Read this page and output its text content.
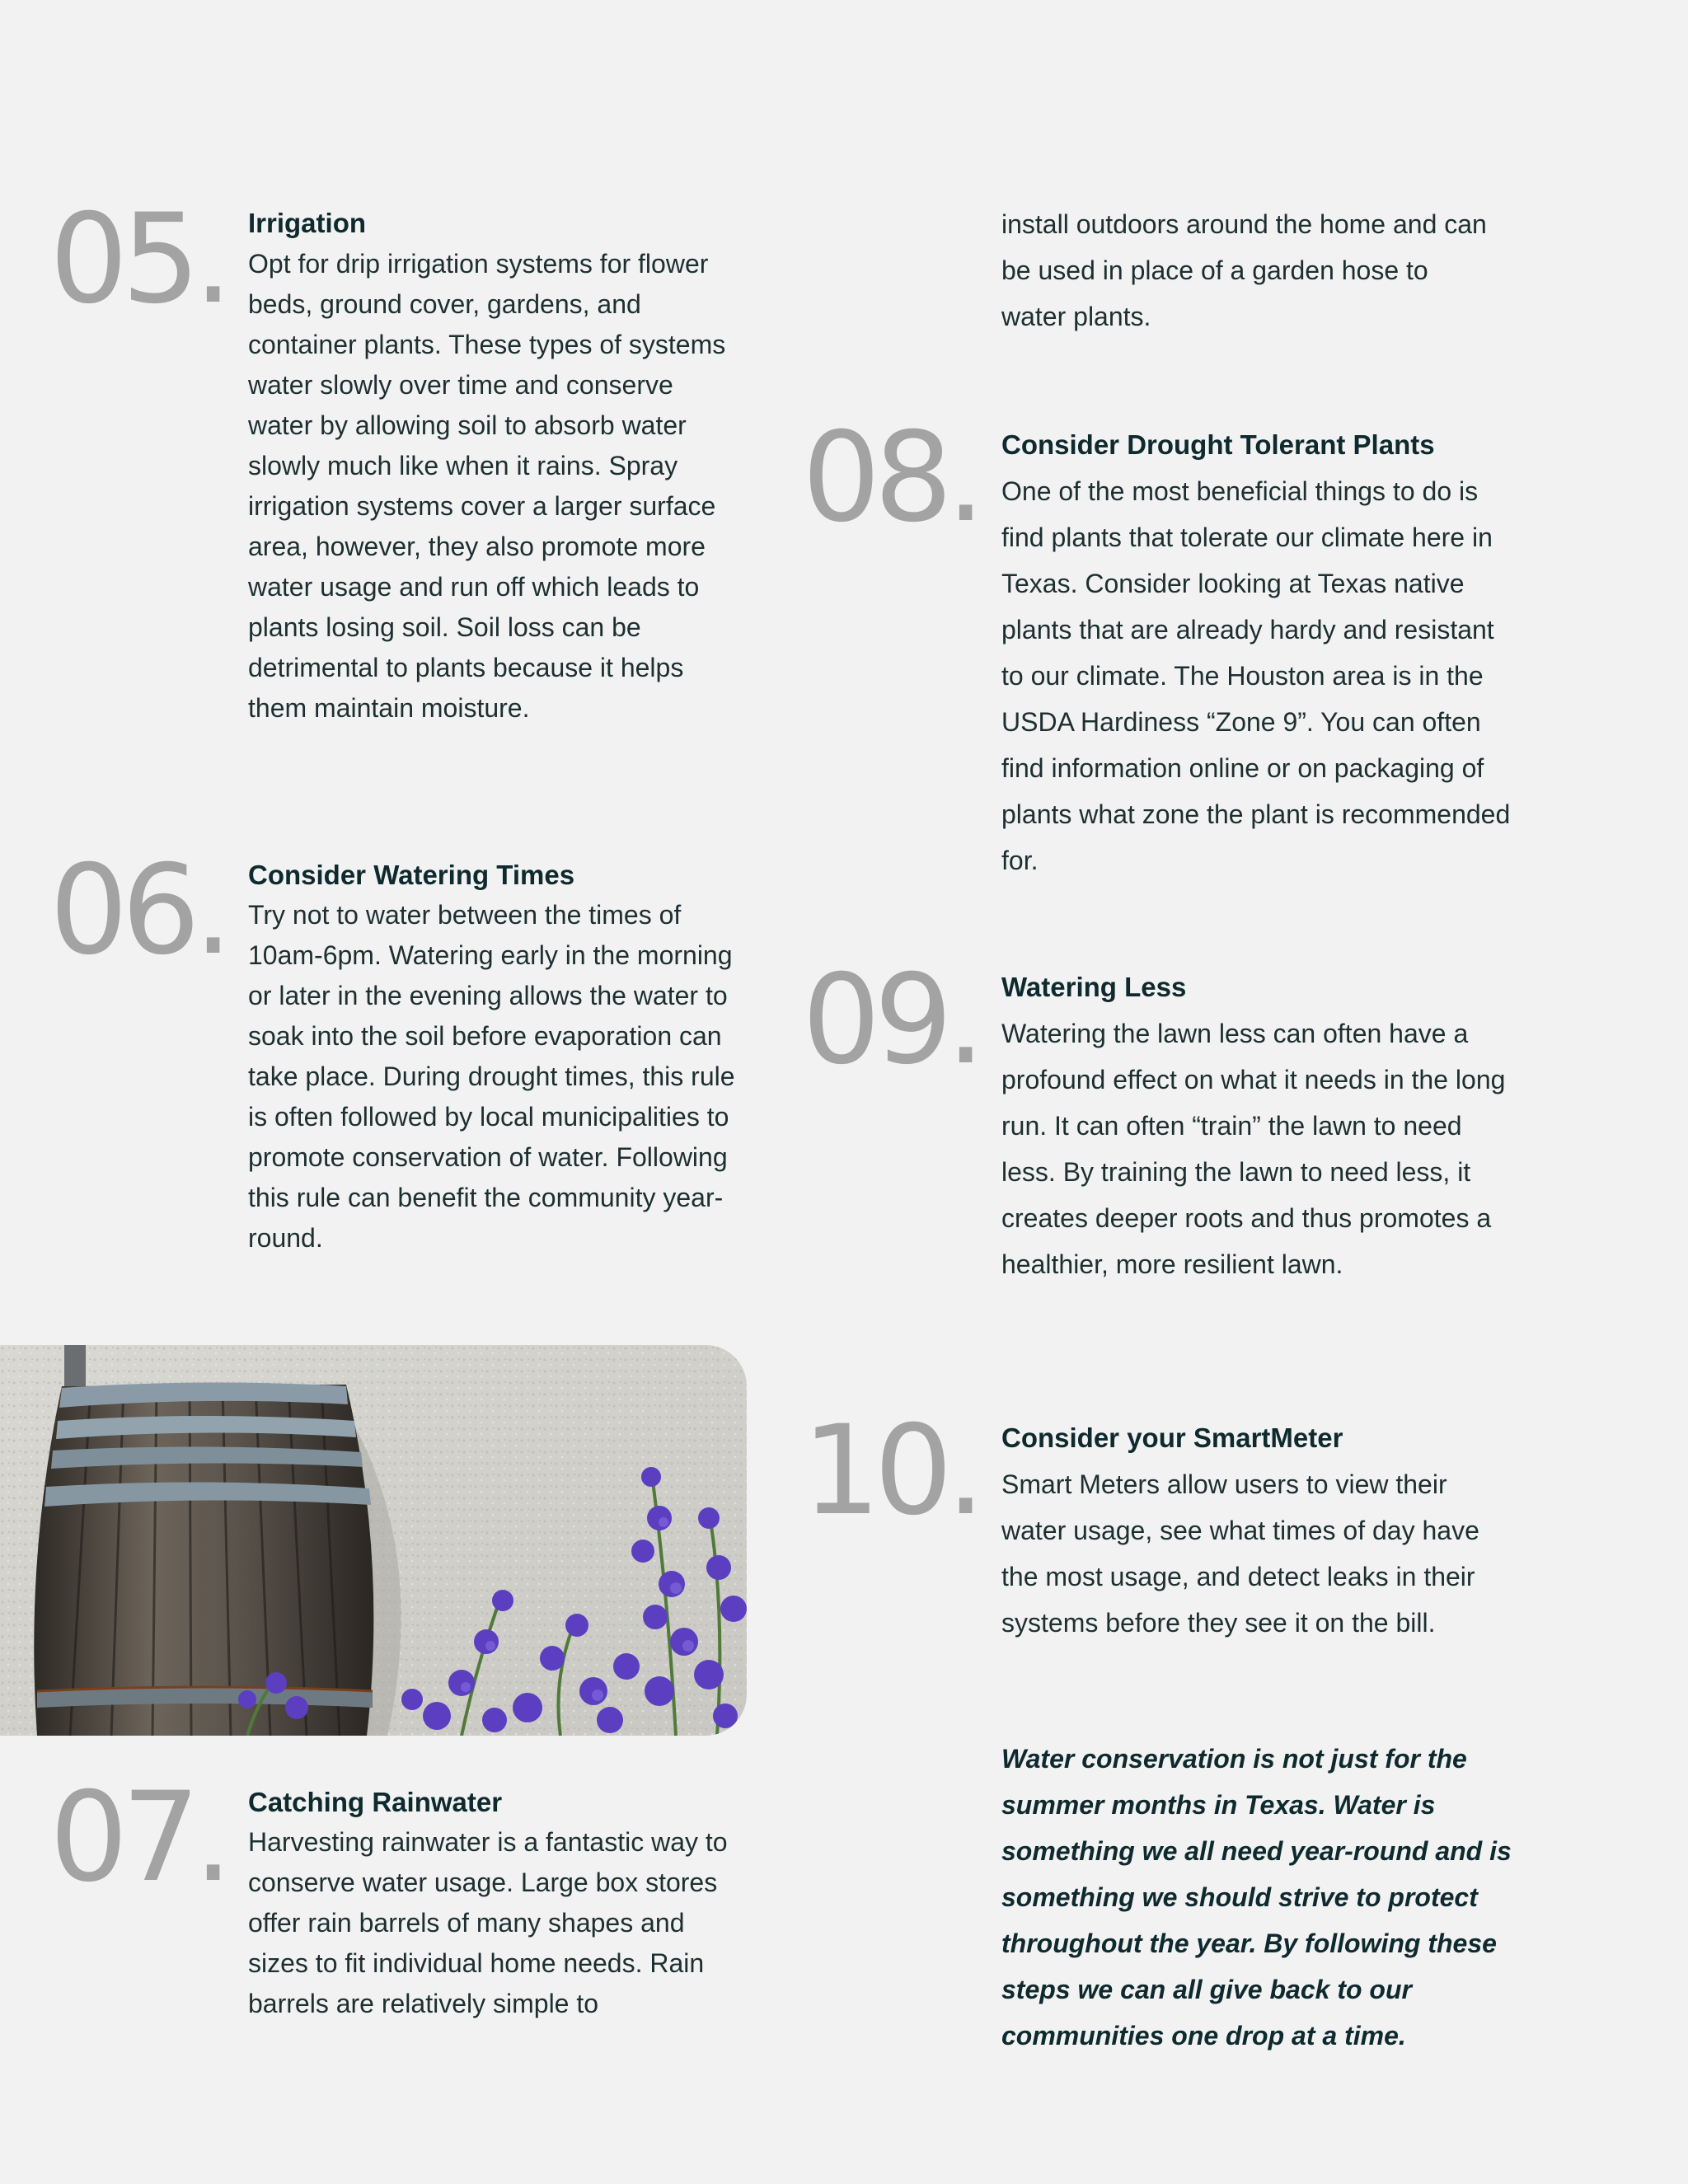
05. Irrigation

Opt for drip irrigation systems for flower beds, ground cover, gardens, and container plants. These types of systems water slowly over time and conserve water by allowing soil to absorb water slowly much like when it rains. Spray irrigation systems cover a larger surface area, however, they also promote more water usage and run off which leads to plants losing soil. Soil loss can be detrimental to plants because it helps them maintain moisture.

06. Consider Watering Times

Try not to water between the times of 10am-6pm. Watering early in the morning or later in the evening allows the water to soak into the soil before evaporation can take place. During drought times, this rule is often followed by local municipalities to promote conservation of water. Following this rule can benefit the community year-round.

07. Catching Rainwater

Harvesting rainwater is a fantastic way to conserve water usage. Large box stores offer rain barrels of many shapes and sizes to fit individual home needs. Rain barrels are relatively simple to

install outdoors around the home and can be used in place of a garden hose to water plants.

08. Consider Drought Tolerant Plants

One of the most beneficial things to do is find plants that tolerate our climate here in Texas. Consider looking at Texas native plants that are already hardy and resistant to our climate. The Houston area is in the USDA Hardiness “Zone 9”. You can often find information online or on packaging of plants what zone the plant is recommended for.

09. Watering Less

Watering the lawn less can often have a profound effect on what it needs in the long run. It can often “train” the lawn to need less. By training the lawn to need less, it creates deeper roots and thus promotes a healthier, more resilient lawn.

10. Consider your SmartMeter

Smart Meters allow users to view their water usage, see what times of day have the most usage, and detect leaks in their systems before they see it on the bill.

Water conservation is not just for the summer months in Texas. Water is something we all need year-round and is something we should strive to protect throughout the year. By following these steps we can all give back to our communities one drop at a time.
